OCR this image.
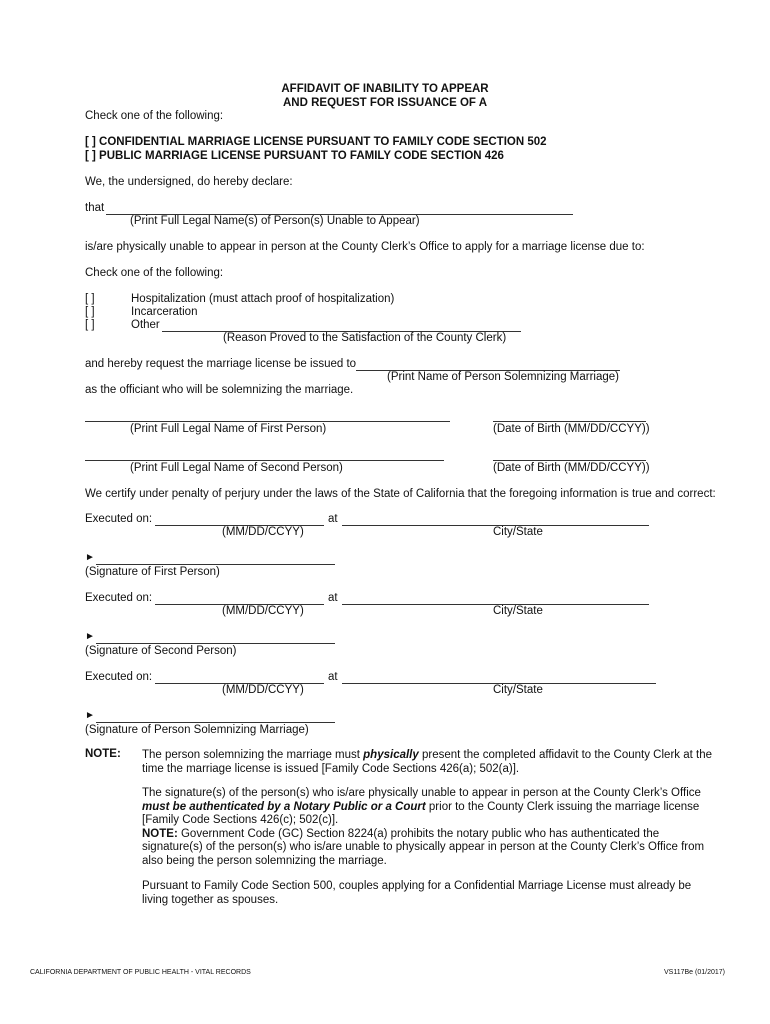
AFFIDAVIT OF INABILITY TO APPEAR
AND REQUEST FOR ISSUANCE OF A
Check one of the following:
[ ] CONFIDENTIAL MARRIAGE LICENSE PURSUANT TO FAMILY CODE SECTION 502
[ ] PUBLIC MARRIAGE LICENSE PURSUANT TO FAMILY CODE SECTION 426
We, the undersigned, do hereby declare:
that
(Print Full Legal Name(s) of Person(s) Unable to Appear)
is/are physically unable to appear in person at the County Clerk’s Office to apply for a marriage license due to:
Check one of the following:
[ ]	Hospitalization (must attach proof of hospitalization)
[ ]	Incarceration
[ ]	Other
(Reason Proved to the Satisfaction of the County Clerk)
and hereby request the marriage license be issued to
(Print Name of Person Solemnizing Marriage)
as the officiant who will be solemnizing the marriage.
(Print Full Legal Name of First Person)	(Date of Birth (MM/DD/CCYY))
(Print Full Legal Name of Second Person)	(Date of Birth (MM/DD/CCYY))
We certify under penalty of perjury under the laws of the State of California that the foregoing information is true and correct:
Executed on:	at
(MM/DD/CCYY)	City/State
►
(Signature of First Person)
Executed on:	at
(MM/DD/CCYY)	City/State
►
(Signature of Second Person)
Executed on:	at
(MM/DD/CCYY)	City/State
►
(Signature of Person Solemnizing Marriage)
NOTE: The person solemnizing the marriage must physically present the completed affidavit to the County Clerk at the time the marriage license is issued [Family Code Sections 426(a); 502(a)].
The signature(s) of the person(s) who is/are physically unable to appear in person at the County Clerk’s Office must be authenticated by a Notary Public or a Court prior to the County Clerk issuing the marriage license [Family Code Sections 426(c); 502(c)].
NOTE: Government Code (GC) Section 8224(a) prohibits the notary public who has authenticated the signature(s) of the person(s) who is/are unable to physically appear in person at the County Clerk’s Office from also being the person solemnizing the marriage.
Pursuant to Family Code Section 500, couples applying for a Confidential Marriage License must already be living together as spouses.
CALIFORNIA DEPARTMENT OF PUBLIC HEALTH - VITAL RECORDS	VS117Be (01/2017)
